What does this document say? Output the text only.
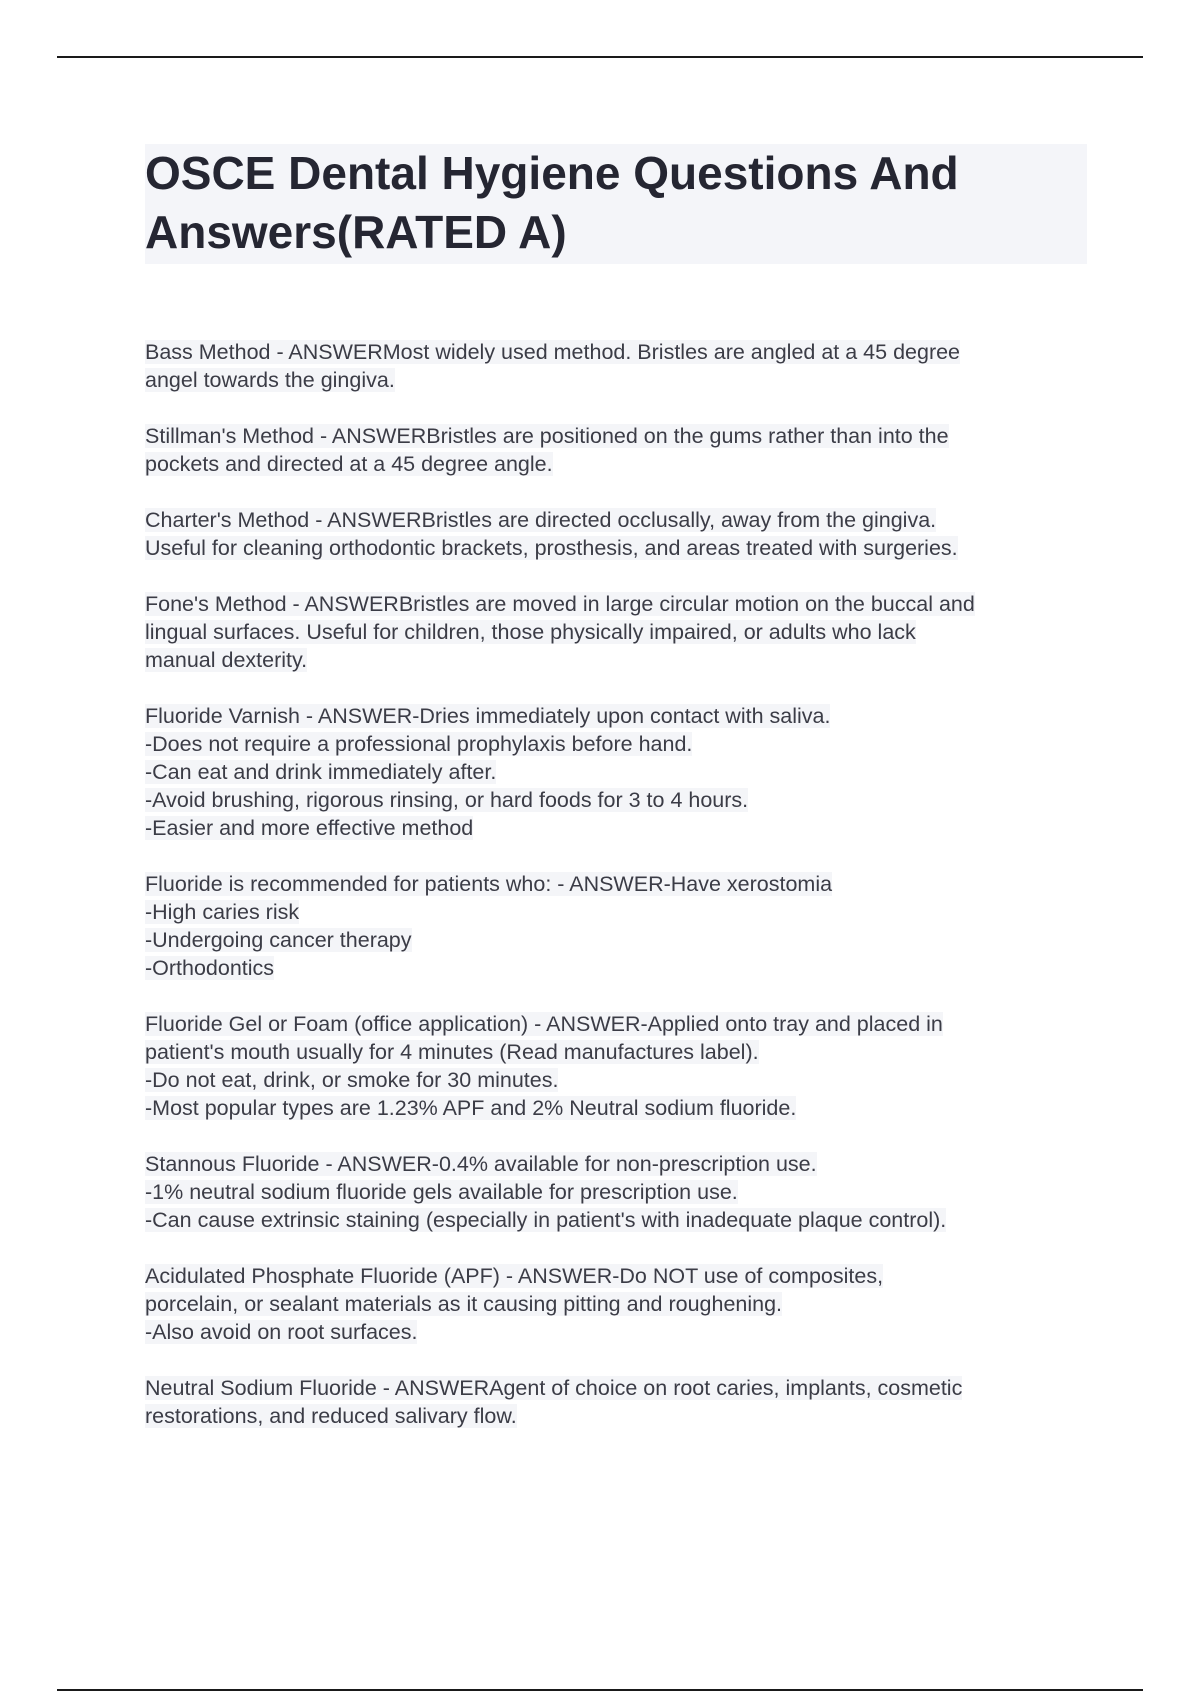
OSCE Dental Hygiene Questions And
Answers(RATED A)
Bass Method - ANSWERMost widely used method. Bristles are angled at a 45 degree
angel towards the gingiva.
Stillman's Method - ANSWERBristles are positioned on the gums rather than into the
pockets and directed at a 45 degree angle.
Charter's Method - ANSWERBristles are directed occlusally, away from the gingiva.
Useful for cleaning orthodontic brackets, prosthesis, and areas treated with surgeries.
Fone's Method - ANSWERBristles are moved in large circular motion on the buccal and
lingual surfaces. Useful for children, those physically impaired, or adults who lack
manual dexterity.
Fluoride Varnish - ANSWER-Dries immediately upon contact with saliva.
-Does not require a professional prophylaxis before hand.
-Can eat and drink immediately after.
-Avoid brushing, rigorous rinsing, or hard foods for 3 to 4 hours.
-Easier and more effective method
Fluoride is recommended for patients who: - ANSWER-Have xerostomia
-High caries risk
-Undergoing cancer therapy
-Orthodontics
Fluoride Gel or Foam (office application) - ANSWER-Applied onto tray and placed in
patient's mouth usually for 4 minutes (Read manufactures label).
-Do not eat, drink, or smoke for 30 minutes.
-Most popular types are 1.23% APF and 2% Neutral sodium fluoride.
Stannous Fluoride - ANSWER-0.4% available for non-prescription use.
-1% neutral sodium fluoride gels available for prescription use.
-Can cause extrinsic staining (especially in patient's with inadequate plaque control).
Acidulated Phosphate Fluoride (APF) - ANSWER-Do NOT use of composites,
porcelain, or sealant materials as it causing pitting and roughening.
-Also avoid on root surfaces.
Neutral Sodium Fluoride - ANSWERAgent of choice on root caries, implants, cosmetic
restorations, and reduced salivary flow.
